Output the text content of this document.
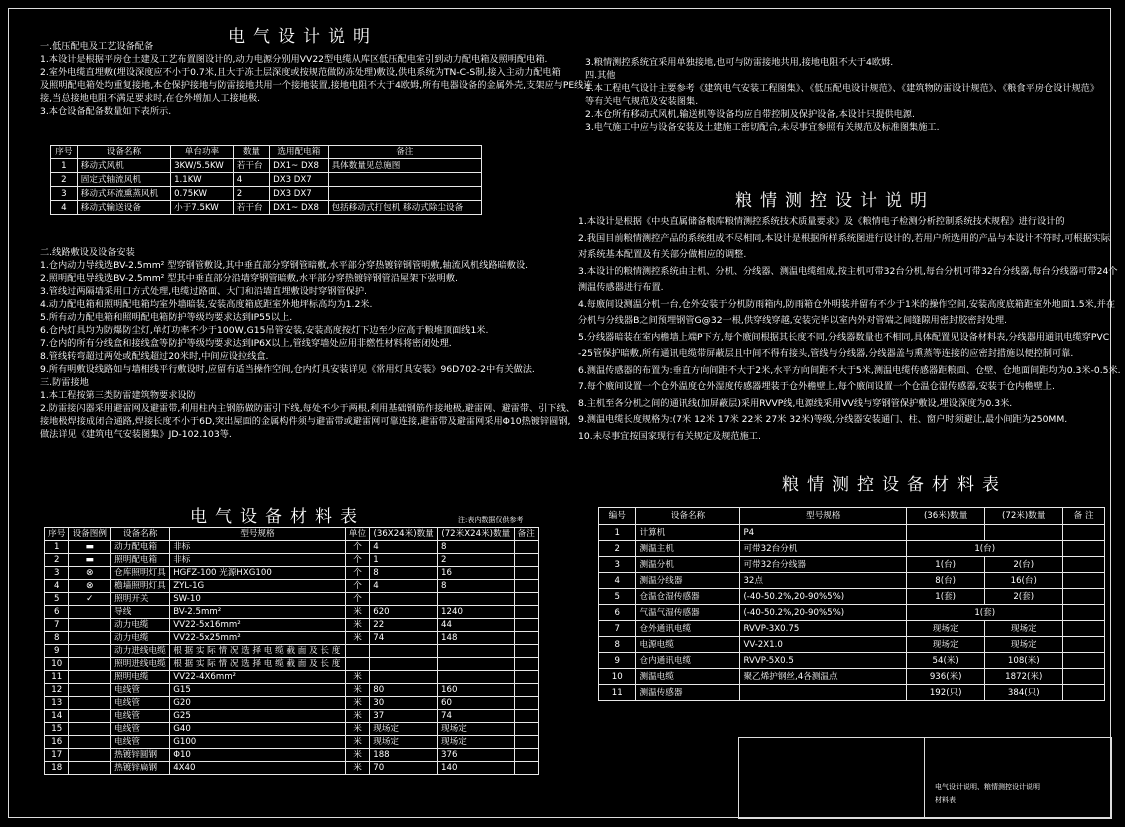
电气设计说明
粮情测控设计说明
电气设备材料表
粮情测控设备材料表
一.低压配电及工艺设备配备
1.本设计是根据平房仓土建及工艺布置图设计的,动力电源分别用VV22型电缆从库区低压配电室引到动力配电箱及照明配电箱.
2.室外电缆直埋敷(埋设深度应不小于0.7米,且大于冻土层深度或按规范做防冻处理)敷设,供电系统为TN-C-S制,接入主动力配电箱
及照明配电箱处均重复接地,本仓保护接地与防雷接地共用一个接地装置,接地电阻不大于4欧姆,所有电器设备的金属外壳,支架应与PE线连
接,当总接地电阻不满足要求时,在仓外增加人工接地极.
3.本仓设备配备数量如下表所示.
序号	设备名称	单台功率	数量	选用配电箱	备注
1	移动式风机	3KW/5.5KW	若干台	DX1~ DX8	具体数量见总施图
2	固定式轴流风机	1.1KW	4	DX3 DX7	
3	移动式环流熏蒸风机	0.75KW	2	DX3 DX7	
4	移动式输送设备	小于7.5KW	若干台	DX1~ DX8	包括移动式打包机 移动式除尘设备
二.线路敷设及设备安装
1.仓内动力导线选BV-2.5mm² 型穿钢管敷设,其中垂直部分穿钢管暗敷,水平部分穿热镀锌钢管明敷,轴流风机线路暗敷设.
2.照明配电导线选BV-2.5mm² 型其中垂直部分沿墙穿钢管暗敷,水平部分穿热镀锌钢管沿屋架下弦明敷.
3.管线过两隔墙采用口方式处理,电缆过路面、大门和沿墙直埋敷设时穿钢管保护.
4.动力配电箱和照明配电箱均室外墙暗装,安装高度箱底距室外地坪标高均为1.2米.
5.所有动力配电箱和照明配电箱防护等级均要求达到IP55以上.
6.仓内灯具均为防爆防尘灯,单灯功率不少于100W,G15吊管安装,安装高度按灯下边至少应高于粮堆顶面线1米.
7.仓内的所有分线盒和接线盒等防护等级均要求达到IP6X以上,管线穿墙处应用非燃性材料将密闭处理.
8.管线转弯超过两处或配线超过20米时,中间应设拉线盒.
9.所有明敷设线路如与墙相线平行敷设时,应留有适当操作空间,仓内灯具安装详见《常用灯具安装》96D702-2中有关做法.
三.防雷接地
1.本工程按第三类防雷建筑物要求设防
2.防雷接闪器采用避雷网及避雷带,利用柱内主钢筋做防雷引下线,每处不少于两根,利用基础钢筋作接地极,避雷网、避雷带、引下线、
接地极焊接成闭合通路,焊接长度不小于6D,突出屋面的金属构件须与避雷带或避雷网可靠连接,避雷带及避雷网采用Φ10热镀锌圆钢,
做法详见《建筑电气安装图集》JD-102.103等.
3.粮情测控系统宜采用单独接地,也可与防雷接地共用,接地电阻不大于4欧姆.
四.其他
1.本工程电气设计主要参考《建筑电气安装工程图集》、《低压配电设计规范》、《建筑物防雷设计规范》、《粮食平房仓设计规范》
等有关电气规范及安装图集.
2.本仓所有移动式风机,输送机等设备均应自带控制及保护设备,本设计只提供电源.
3.电气施工中应与设备安装及土建施工密切配合,未尽事宜参照有关规范及标准图集施工.
1.本设计是根据《中央直属储备粮库粮情测控系统技术质量要求》及《粮情电子检测分析控制系统技术规程》进行设计的
2.我国目前粮情测控产品的系统组成不尽相同,本设计是根据所样系统图进行设计的,若用户所选用的产品与本设计不符时,可根据实际
对系统基本配置及有关部分做相应的调整.
3.本设计的粮情测控系统由主机、分机、分线器、测温电缆组成,按主机可带32台分机,每台分机可带32台分线器,每台分线器可带24个
测温传感器进行布置.
4.每廒间设测温分机一台,仓外安装于分机防雨箱内,防雨箱仓外明装并留有不少于1米的操作空间,安装高度底箱距室外地面1.5米,并在
分机与分线器B之间预埋钢管G@32一根,供穿线穿越,安装完毕以室内外对管端之间缝隙用密封胶密封处理.
5.分线器暗装在室内檐墙上端P下方,每个廒间根据其长度不同,分线器数量也不相同,具体配置见设备材料表,分线器用通讯电缆穿PVC
-25管保护暗敷,所有通讯电缆带屏蔽层且中间不得有接头,管线与分线器,分线器盖与熏蒸等连接的应密封措施以便控制可靠.
6.测温传感器的布置为:垂直方向间距不大于2米,水平方向间距不大于5米,测温电缆传感器距粮面、仓壁、仓地面间距均为0.3米-0.5米.
7.每个廒间设置一个仓外温度仓外湿度传感器埋装于仓外檐壁上,每个廒间设置一个仓温仓湿传感器,安装于仓内檐壁上.
8.主机至各分机之间的通讯线(加屏蔽层)采用RVVP线,电源线采用VV线与穿钢管保护敷设,埋设深度为0.3米.
9.测温电缆长度规格为:(7米 12米 17米 22米 27米 32米)等级,分线器安装通门、柱、窗户时须避让,最小间距为250MM.
10.未尽事宜按国家现行有关规定及规范施工.
注:表内数据仅供参考
序号	设备图例	设备名称	型号规格	单位	(36X24米)数量	(72米X24米)数量	备注
1	▬	动力配电箱	非标	个	4	8	
2	▬	照明配电箱	非标	个	1	2	
3	⊗	仓库照明灯具	HGFZ-100 光源HXG100	个	8	16	
4	⊗	檐墙照明灯具	ZYL-1G	个	4	8	
5	✓	照明开关	SW-10	个			
6		导线	BV-2.5mm²	米	620	1240	
7		动力电缆	VV22-5x16mm²	米	22	44	
8		动力电缆	VV22-5x25mm²	米	74	148	
9		动力进线电缆	根 据 实 际 情 况 选 择 电 缆 截 面 及 长 度				
10		照明进线电缆	根 据 实 际 情 况 选 择 电 缆 截 面 及 长 度				
11		照明电缆	VV22-4X6mm²	米			
12		电线管	G15	米	80	160	
13		电线管	G20	米	30	60	
14		电线管	G25	米	37	74	
15		电线管	G40	米	现场定	现场定	
16		电线管	G100	米	现场定	现场定	
17		热镀锌圆钢	Φ10	米	188	376	
18		热镀锌扁钢	4X40	米	70	140	
编号	设备名称	型号规格	(36米)数量	(72米)数量	备 注
1	计算机	P4			
2	测温主机	可带32台分机	1(台)		
3	测温分机	可带32台分线器	1(台)	2(台)	
4	测温分线器	32点	8(台)	16(台)	
5	仓温仓湿传感器	(-40-50.2%,20-90%5%)	1(套)	2(套)	
6	气温气湿传感器	(-40-50.2%,20-90%5%)	1(套)		
7	仓外通讯电缆	RVVP-3X0.75	现场定	现场定	
8	电源电缆	VV-2X1.0	现场定	现场定	
9	仓内通讯电缆	RVVP-5X0.5	54(米)	108(米)	
10	测温电缆	聚乙烯护钢丝,4各测温点	936(米)	1872(米)	
11	测温传感器		192(只)	384(只)	
电气设计说明、粮情测控设计说明
材料表
